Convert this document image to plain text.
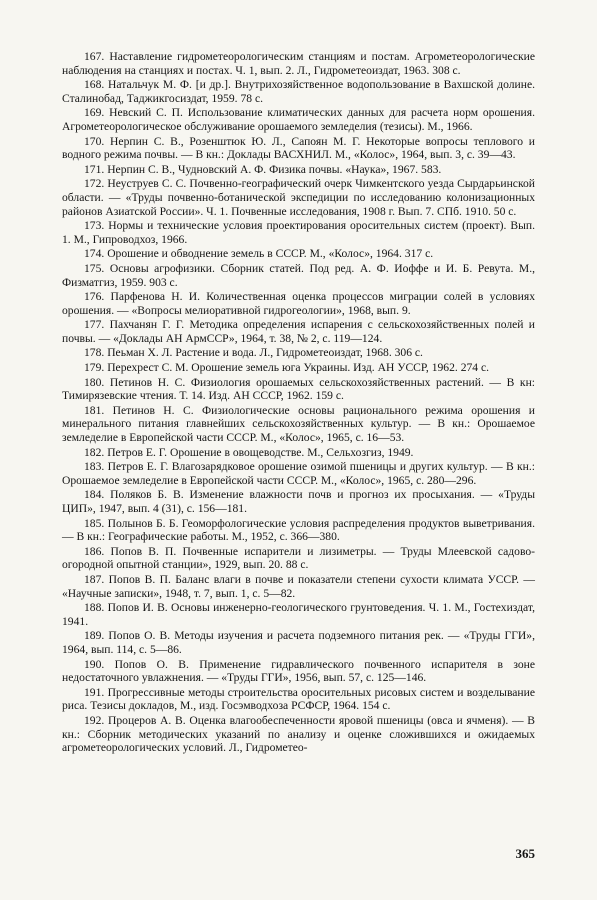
167. Наставление гидрометеорологическим станциям и постам. Агрометеорологические наблюдения на станциях и постах. Ч. 1, вып. 2. Л., Гидрометеоиздат, 1963. 308 с.

168. Натальчук М. Ф. [и др.]. Внутрихозяйственное водопользование в Вахшской долине. Сталинобад, Таджикгосиздат, 1959. 78 с.

169. Невский С. П. Использование климатических данных для расчета норм орошения. Агрометеорологическое обслуживание орошаемого земледелия (тезисы). М., 1966.

170. Нерпин С. В., Розенштюк Ю. Л., Сапоян М. Г. Некоторые вопросы теплового и водного режима почвы. — В кн.: Доклады ВАСХНИЛ. М., «Колос», 1964, вып. 3, с. 39—43.

171. Нерпин С. В., Чудновский А. Ф. Физика почвы. «Наука», 1967. 583.

172. Неуструев С. С. Почвенно-географический очерк Чимкентского уезда Сырдарьинской области. — «Труды почвенно-ботанической экспедиции по исследованию колонизационных районов Азиатской России». Ч. 1. Почвенные исследования, 1908 г. Вып. 7. СПб. 1910. 50 с.

173. Нормы и технические условия проектирования оросительных систем (проект). Вып. 1. М., Гипроводхоз, 1966.

174. Орошение и обводнение земель в СССР. М., «Колос», 1964. 317 с.

175. Основы агрофизики. Сборник статей. Под ред. А. Ф. Иоффе и И. Б. Ревута. М., Физматгиз, 1959. 903 с.

176. Парфенова Н. И. Количественная оценка процессов миграции солей в условиях орошения. — «Вопросы мелиоративной гидрогеологии», 1968, вып. 9.

177. Пахчанян Г. Г. Методика определения испарения с сельскохозяйственных полей и почвы. — «Доклады АН АрмССР», 1964, т. 38, № 2, с. 119—124.

178. Пеьман Х. Л. Растение и вода. Л., Гидрометеоиздат, 1968. 306 с.

179. Перехрест С. М. Орошение земель юга Украины. Изд. АН УССР, 1962. 274 с.

180. Петинов Н. С. Физиология орошаемых сельскохозяйственных растений. — В кн: Тимирязевские чтения. Т. 14. Изд. АН СССР, 1962. 159 с.

181. Петинов Н. С. Физиологические основы рационального режима орошения и минерального питания главнейших сельскохозяйственных культур. — В кн.: Орошаемое земледелие в Европейской части СССР. М., «Колос», 1965, с. 16—53.

182. Петров Е. Г. Орошение в овощеводстве. М., Сельхозгиз, 1949.

183. Петров Е. Г. Влагозарядковое орошение озимой пшеницы и других культур. — В кн.: Орошаемое земледелие в Европейской части СССР. М., «Колос», 1965, с. 280—296.

184. Поляков Б. В. Изменение влажности почв и прогноз их просыхания. — «Труды ЦИП», 1947, вып. 4 (31), с. 156—181.

185. Полынов Б. Б. Геоморфологические условия распределения продуктов выветривания. — В кн.: Географические работы. М., 1952, с. 366—380.

186. Попов В. П. Почвенные испарители и лизиметры. — Труды Млеевской садово-огородной опытной станции», 1929, вып. 20. 88 с.

187. Попов В. П. Баланс влаги в почве и показатели степени сухости климата УССР. — «Научные записки», 1948, т. 7, вып. 1, с. 5—82.

188. Попов И. В. Основы инженерно-геологического грунтоведения. Ч. 1. М., Гостехиздат, 1941.

189. Попов О. В. Методы изучения и расчета подземного питания рек. — «Труды ГГИ», 1964, вып. 114, с. 5—86.

190. Попов О. В. Применение гидравлического почвенного испарителя в зоне недостаточного увлажнения. — «Труды ГГИ», 1956, вып. 57, с. 125—146.

191. Прогрессивные методы строительства оросительных рисовых систем и возделывание риса. Тезисы докладов, М., изд. Госэмводхоза РСФСР, 1964. 154 с.

192. Процеров А. В. Оценка влагообеспеченности яровой пшеницы (овса и ячменя). — В кн.: Сборник методических указаний по анализу и оценке сложившихся и ожидаемых агрометеорологических условий. Л., Гидрометео-

365
